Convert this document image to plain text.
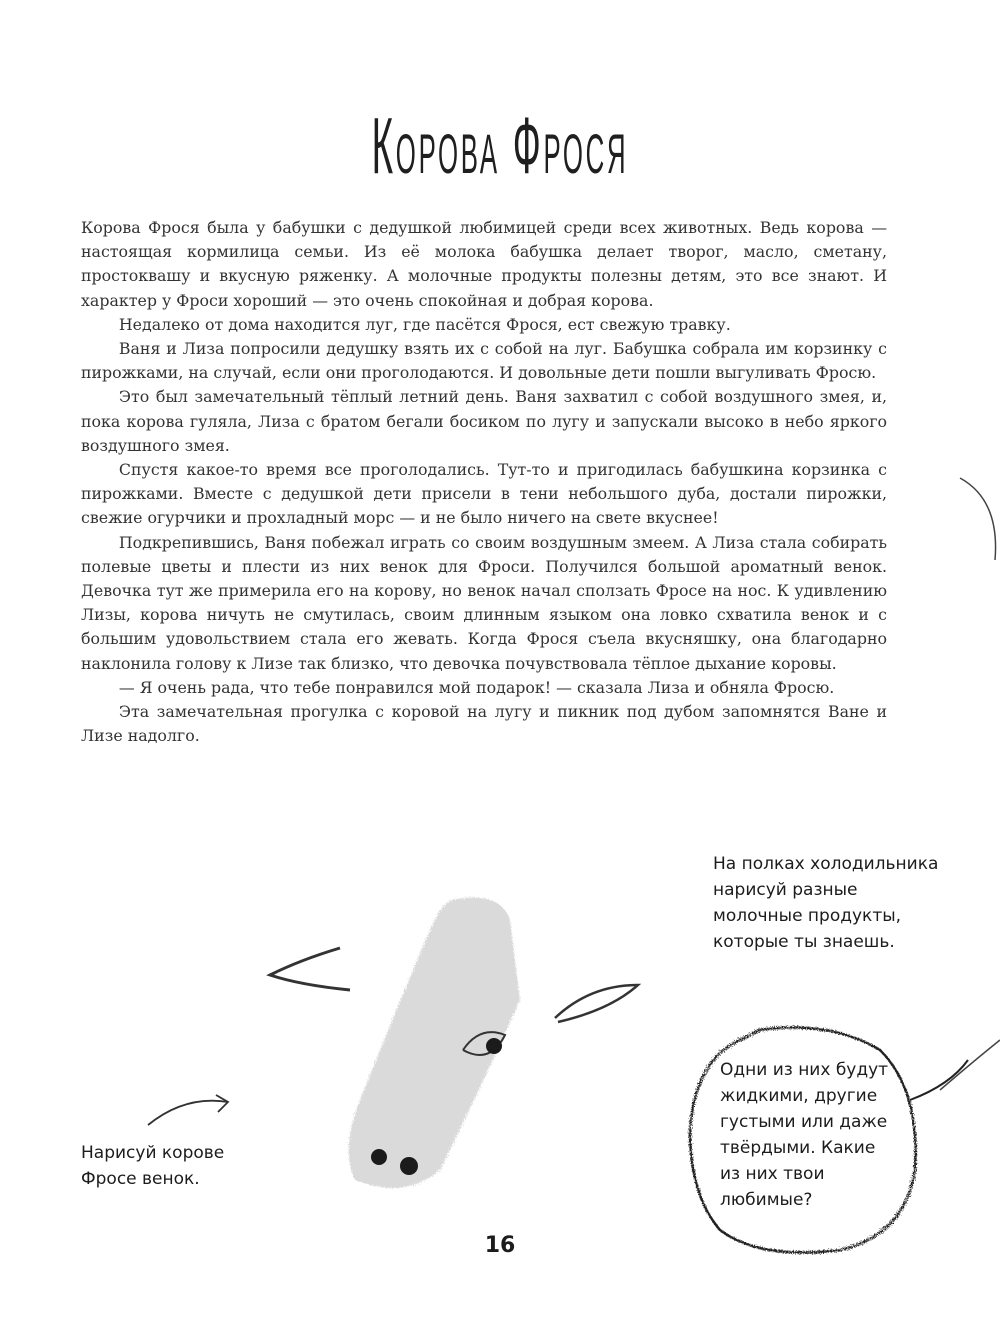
Корова Фрося

Корова Фрося была у бабушки с дедушкой любимицей среди всех животных. Ведь корова — настоящая кормилица семьи. Из её молока бабушка делает творог, масло, сметану, простоквашу и вкусную ряженку. А молочные продукты полезны детям, это все знают. И характер у Фроси хороший — это очень спокойная и добрая корова.

Недалеко от дома находится луг, где пасётся Фрося, ест свежую травку.

Ваня и Лиза попросили дедушку взять их с собой на луг. Бабушка собрала им корзинку с пирожками, на случай, если они проголодаются. И довольные дети пошли выгуливать Фросю.

Это был замечательный тёплый летний день. Ваня захватил с собой воздушного змея, и, пока корова гуляла, Лиза с братом бегали босиком по лугу и запускали высоко в небо яркого воздушного змея.

Спустя какое-то время все проголодались. Тут-то и пригодилась бабушкина корзинка с пирожками. Вместе с дедушкой дети присели в тени небольшого дуба, достали пирожки, свежие огурчики и прохладный морс — и не было ничего на свете вкуснее!

Подкрепившись, Ваня побежал играть со своим воздушным змеем. А Лиза стала собирать полевые цветы и плести из них венок для Фроси. Получился большой ароматный венок. Девочка тут же примерила его на корову, но венок начал сползать Фросе на нос. К удивлению Лизы, корова ничуть не смутилась, своим длинным языком она ловко схватила венок и с большим удовольствием стала его жевать. Когда Фрося съела вкусняшку, она благодарно наклонила голову к Лизе так близко, что девочка почувствовала тёплое дыхание коровы.

— Я очень рада, что тебе понравился мой подарок! — сказала Лиза и обняла Фросю.

Эта замечательная прогулка с коровой на лугу и пикник под дубом запомнятся Ване и Лизе надолго.

На полках холодильника нарисуй разные молочные продукты, которые ты знаешь.
Одни из них будут жидкими, другие густыми или даже твёрдыми. Какие из них твои любимые?
Нарисуй корове Фросе венок.
16
